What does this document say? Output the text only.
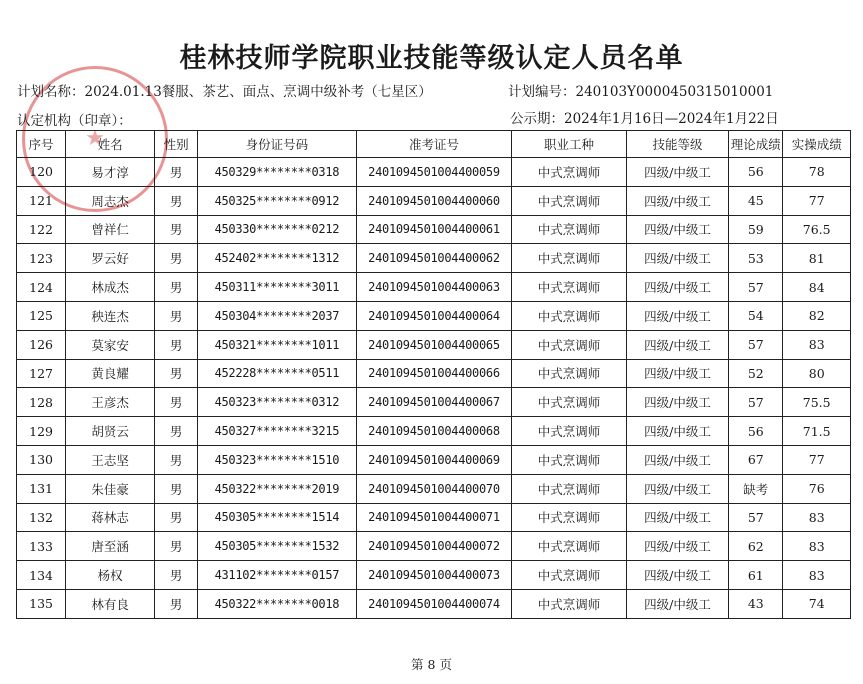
★
桂林技师学院职业技能等级认定人员名单
计划名称：2024.01.13餐服、茶艺、面点、烹调中级补考（七星区）	计划编号：240103Y0000450315010001
认定机构（印章）：	公示期：2024年1月16日—2024年1月22日
序号	姓名	性别	身份证号码	准考证号	职业工种	技能等级	理论成绩	实操成绩
120	易才淳	男	450329********0318	2401094501004400059	中式烹调师	四级/中级工	56	78
121	周志杰	男	450325********0912	2401094501004400060	中式烹调师	四级/中级工	45	77
122	曾祥仁	男	450330********0212	2401094501004400061	中式烹调师	四级/中级工	59	76.5
123	罗云好	男	452402********1312	2401094501004400062	中式烹调师	四级/中级工	53	81
124	林成杰	男	450311********3011	2401094501004400063	中式烹调师	四级/中级工	57	84
125	秧连杰	男	450304********2037	2401094501004400064	中式烹调师	四级/中级工	54	82
126	莫家安	男	450321********1011	2401094501004400065	中式烹调师	四级/中级工	57	83
127	黄良耀	男	452228********0511	2401094501004400066	中式烹调师	四级/中级工	52	80
128	王彦杰	男	450323********0312	2401094501004400067	中式烹调师	四级/中级工	57	75.5
129	胡贤云	男	450327********3215	2401094501004400068	中式烹调师	四级/中级工	56	71.5
130	王志坚	男	450323********1510	2401094501004400069	中式烹调师	四级/中级工	67	77
131	朱佳豪	男	450322********2019	2401094501004400070	中式烹调师	四级/中级工	缺考	76
132	蒋林志	男	450305********1514	2401094501004400071	中式烹调师	四级/中级工	57	83
133	唐至涵	男	450305********1532	2401094501004400072	中式烹调师	四级/中级工	62	83
134	杨权	男	431102********0157	2401094501004400073	中式烹调师	四级/中级工	61	83
135	林有良	男	450322********0018	2401094501004400074	中式烹调师	四级/中级工	43	74
第 8 页
